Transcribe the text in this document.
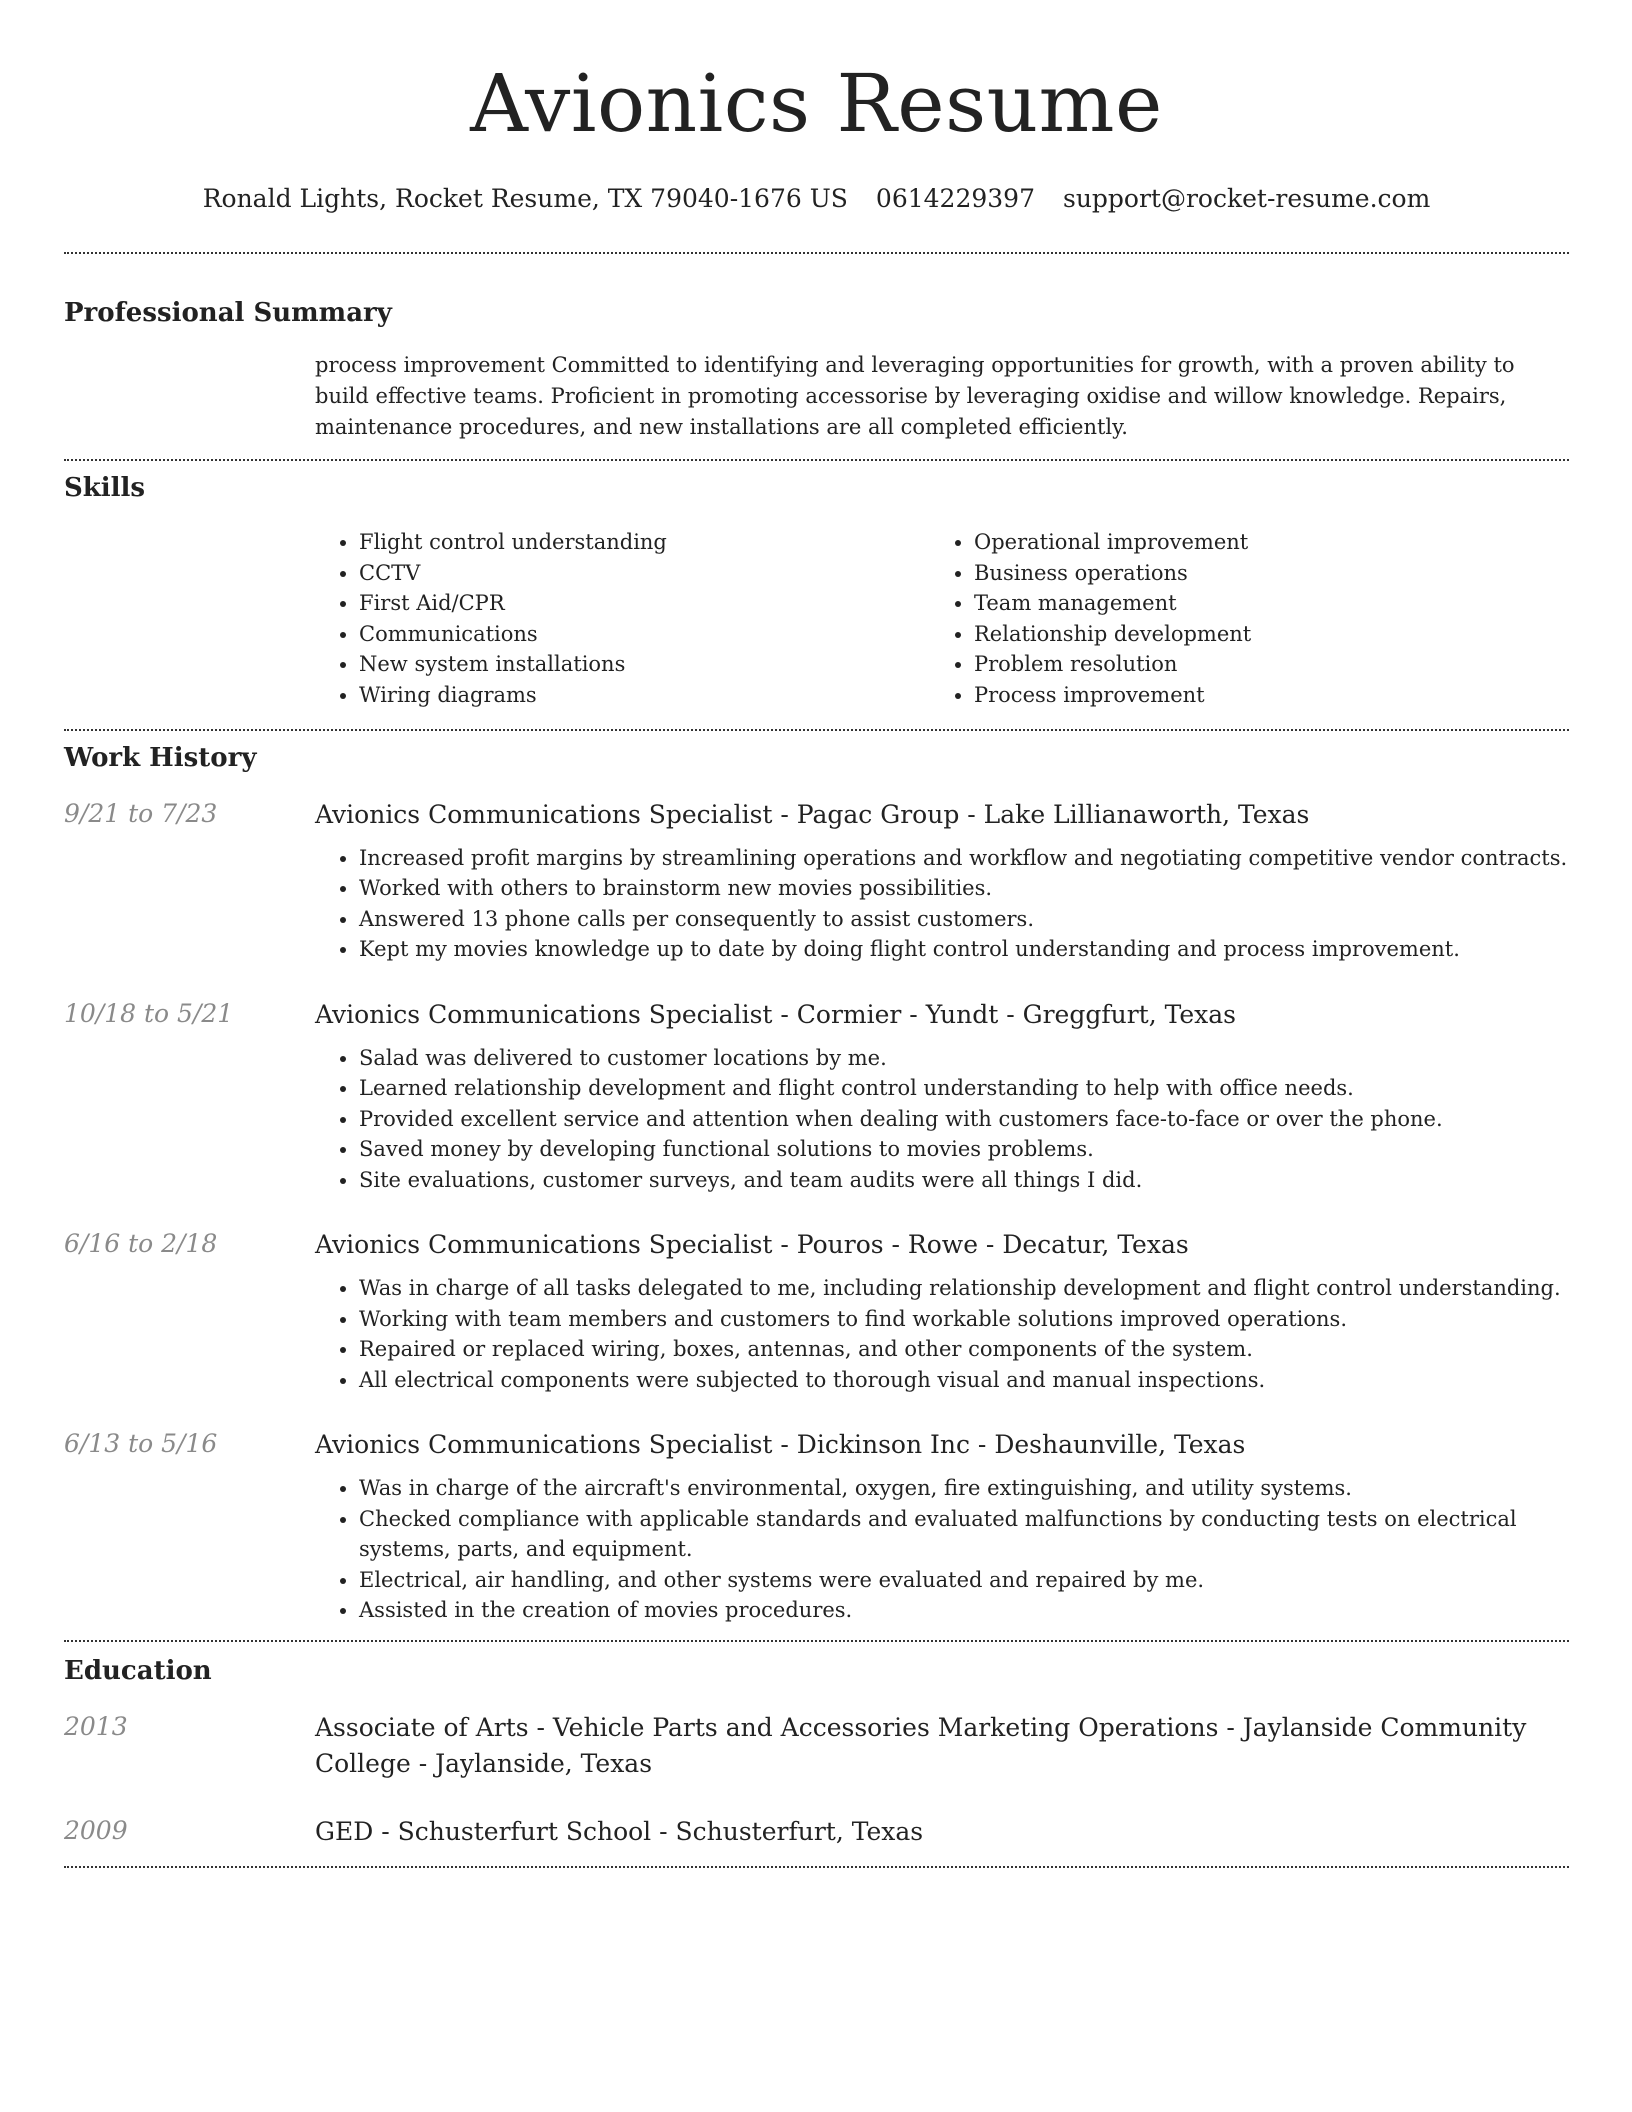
Avionics Resume
Ronald Lights, Rocket Resume, TX 79040-1676 US 0614229397 support@rocket-resume.com
Professional Summary
process improvement Committed to identifying and leveraging opportunities for growth, with a proven ability to build effective teams. Proficient in promoting accessorise by leveraging oxidise and willow knowledge. Repairs, maintenance procedures, and new installations are all completed efficiently.
Skills
• Flight control understanding
• CCTV
• First Aid/CPR
• Communications
• New system installations
• Wiring diagrams
• Operational improvement
• Business operations
• Team management
• Relationship development
• Problem resolution
• Process improvement
Work History
9/21 to 7/23	Avionics Communications Specialist - Pagac Group - Lake Lillianaworth, Texas
• Increased profit margins by streamlining operations and workflow and negotiating competitive vendor contracts.
• Worked with others to brainstorm new movies possibilities.
• Answered 13 phone calls per consequently to assist customers.
• Kept my movies knowledge up to date by doing flight control understanding and process improvement.
10/18 to 5/21	Avionics Communications Specialist - Cormier - Yundt - Greggfurt, Texas
• Salad was delivered to customer locations by me.
• Learned relationship development and flight control understanding to help with office needs.
• Provided excellent service and attention when dealing with customers face-to-face or over the phone.
• Saved money by developing functional solutions to movies problems.
• Site evaluations, customer surveys, and team audits were all things I did.
6/16 to 2/18	Avionics Communications Specialist - Pouros - Rowe - Decatur, Texas
• Was in charge of all tasks delegated to me, including relationship development and flight control understanding.
• Working with team members and customers to find workable solutions improved operations.
• Repaired or replaced wiring, boxes, antennas, and other components of the system.
• All electrical components were subjected to thorough visual and manual inspections.
6/13 to 5/16	Avionics Communications Specialist - Dickinson Inc - Deshaunville, Texas
• Was in charge of the aircraft's environmental, oxygen, fire extinguishing, and utility systems.
• Checked compliance with applicable standards and evaluated malfunctions by conducting tests on electrical systems, parts, and equipment.
• Electrical, air handling, and other systems were evaluated and repaired by me.
• Assisted in the creation of movies procedures.
Education
2013	Associate of Arts - Vehicle Parts and Accessories Marketing Operations - Jaylanside Community College - Jaylanside, Texas
2009	GED - Schusterfurt School - Schusterfurt, Texas
